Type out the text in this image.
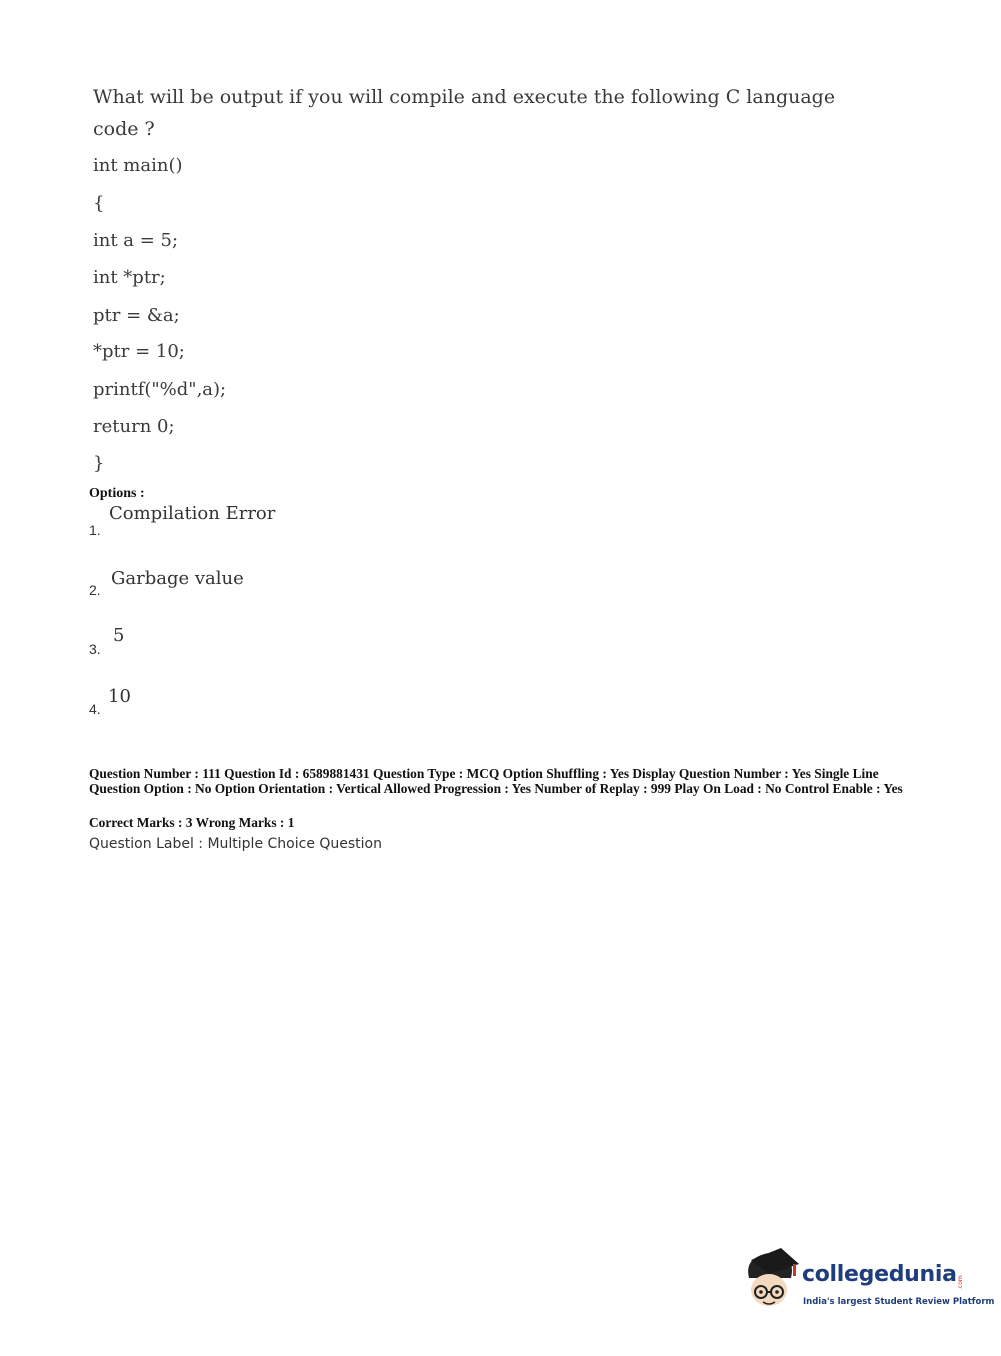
What will be output if you will compile and execute the following C language
code ?
int main()
{
int a = 5;
int *ptr;
ptr = &a;
*ptr = 10;
printf("%d",a);
return 0;
}
Options :
1.
Compilation Error
2.
Garbage value
3.
5
4.
10
Question Number : 111 Question Id : 6589881431 Question Type : MCQ Option Shuffling : Yes Display Question Number : Yes Single Line Question Option : No Option Orientation : Vertical Allowed Progression : Yes Number of Replay : 999 Play On Load : No Control Enable : Yes
Correct Marks : 3 Wrong Marks : 1
Question Label : Multiple Choice Question
collegedunia .com
India's largest Student Review Platform
